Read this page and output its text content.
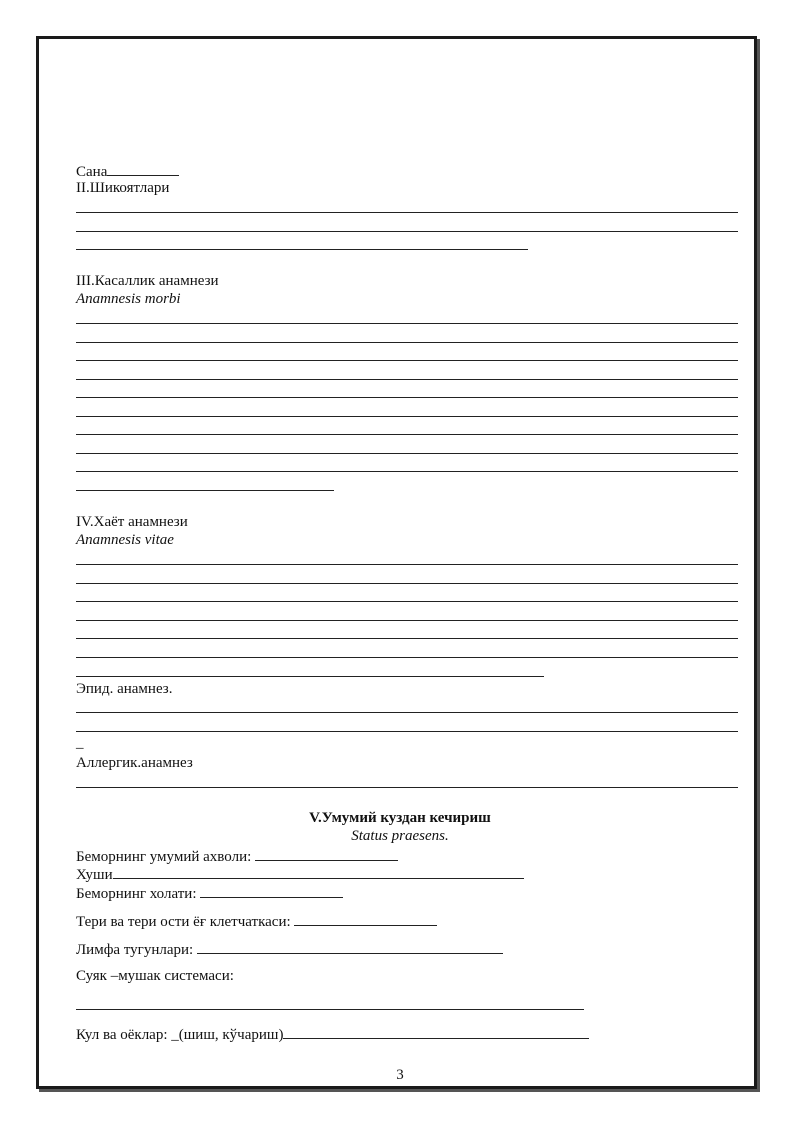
Сана
II.Шикоятлари
III.Касаллик анамнези
Anamnesis morbi
IV.Хаёт анамнези
Anamnesis vitae
Эпид. анамнез.
_
Аллергик.анамнез
V.Умумий куздан кечириш
Status praesens.
Беморнинг умумий ахволи:
Хуши
Беморнинг холати:
Тери ва тери ости ёғ клетчаткаси:
Лимфа тугунлари:
Суяк –мушак системаси:
Кул ва оёклар: _(шиш, кўчариш)
3
